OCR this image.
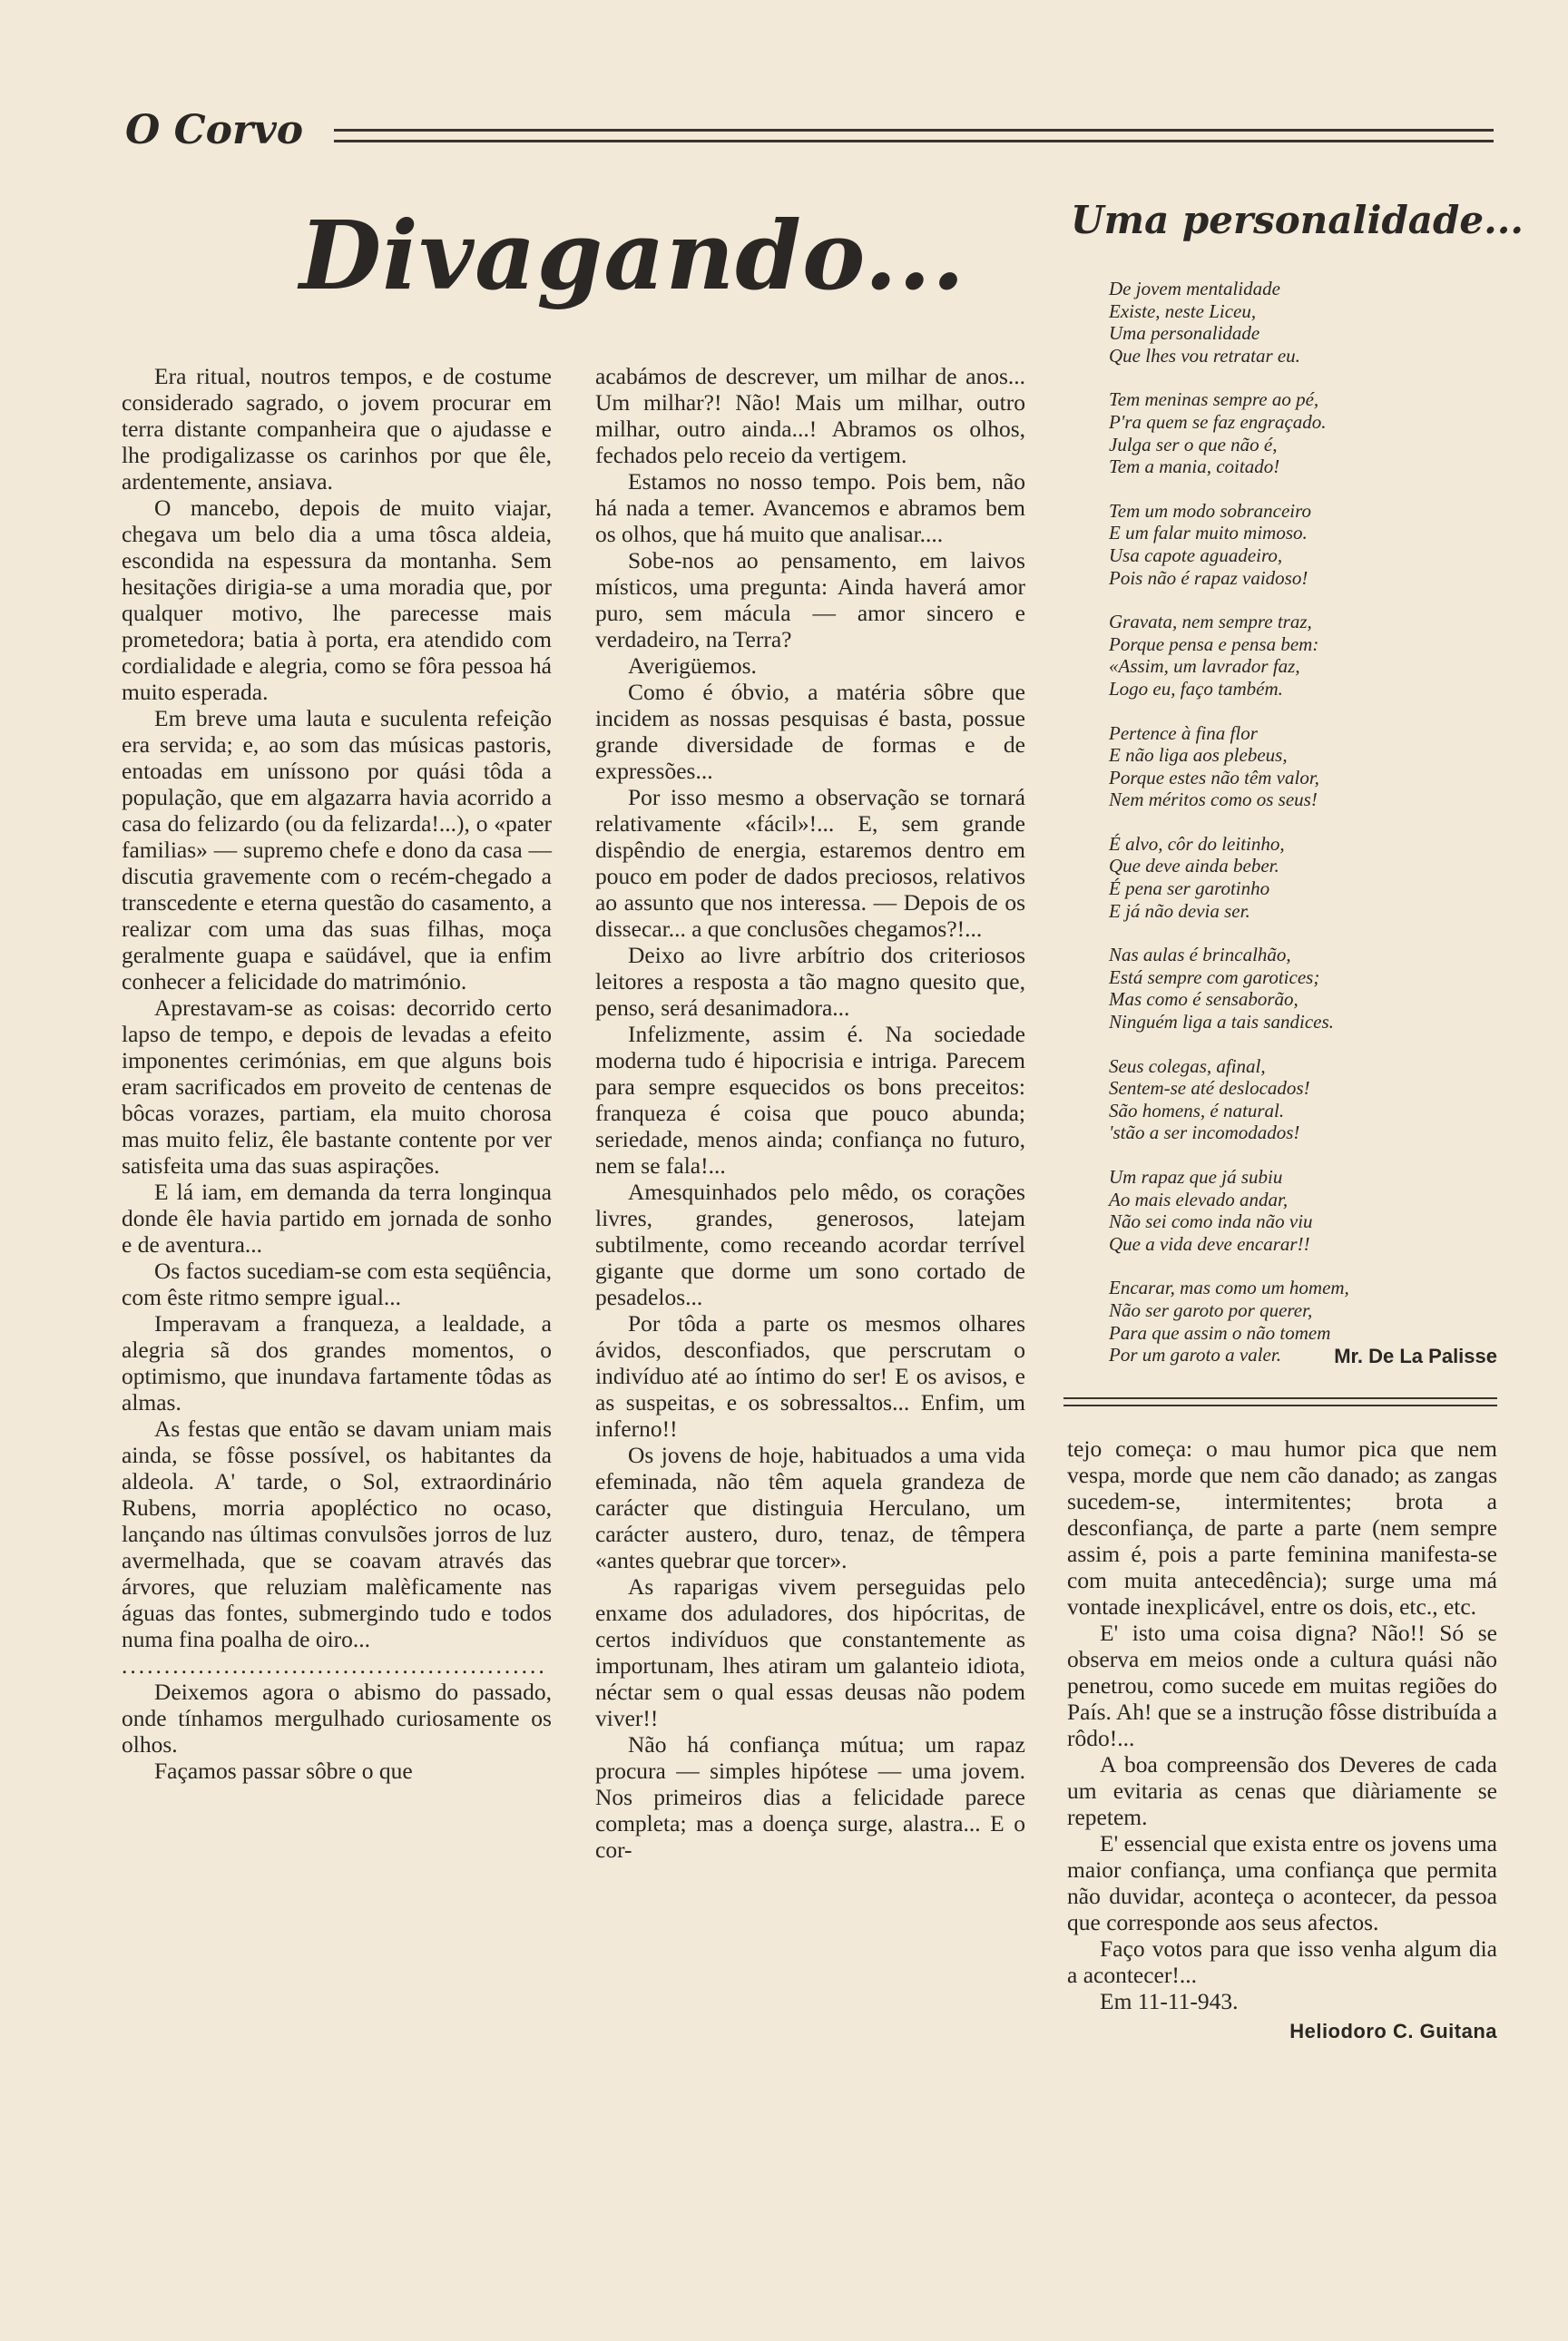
O Corvo
Divagando...	Uma personalidade...
De jovem mentalidade
Existe, neste Liceu,
Uma personalidade
Que lhes vou retratar eu.
Tem meninas sempre ao pé,
P'ra quem se faz engraçado.
Julga ser o que não é,
Tem a mania, coitado!
Tem um modo sobranceiro
E um falar muito mimoso.
Usa capote aguadeiro,
Pois não é rapaz vaidoso!
Gravata, nem sempre traz,
Porque pensa e pensa bem:
«Assim, um lavrador faz,
Logo eu, faço também.
Pertence à fina flor
E não liga aos plebeus,
Porque estes não têm valor,
Nem méritos como os seus!
É alvo, côr do leitinho,
Que deve ainda beber.
É pena ser garotinho
E já não devia ser.
Nas aulas é brincalhão,
Está sempre com garotices;
Mas como é sensaborão,
Ninguém liga a tais sandices.
Seus colegas, afinal,
Sentem-se até deslocados!
São homens, é natural.
'stão a ser incomodados!
Um rapaz que já subiu
Ao mais elevado andar,
Não sei como inda não viu
Que a vida deve encarar!!
Encarar, mas como um homem,
Não ser garoto por querer,
Para que assim o não tomem
Por um garoto a valer.	Mr. De La Palisse

Era ritual, noutros tempos, e de costume considerado sagrado, o jovem procurar em terra distante companheira que o ajudasse e lhe prodigalizasse os carinhos por que êle, ardentemente, ansiava.

O mancebo, depois de muito viajar, chegava um belo dia a uma tôsca aldeia, escondida na espessura da montanha. Sem hesitações dirigia-se a uma moradia que, por qualquer motivo, lhe parecesse mais prometedora; batia à porta, era atendido com cordialidade e alegria, como se fôra pessoa há muito esperada.

Em breve uma lauta e suculenta refeição era servida; e, ao som das músicas pastoris, entoadas em uníssono por quási tôda a população, que em algazarra havia acorrido a casa do felizardo (ou da felizarda!...), o «pater familias» — supremo chefe e dono da casa — discutia gravemente com o recém-chegado a transcedente e eterna questão do casamento, a realizar com uma das suas filhas, moça geralmente guapa e saüdável, que ia enfim conhecer a felicidade do matrimónio.

Aprestavam-se as coisas: decorrido certo lapso de tempo, e depois de levadas a efeito imponentes cerimónias, em que alguns bois eram sacrificados em proveito de centenas de bôcas vorazes, partiam, ela muito chorosa mas muito feliz, êle bastante contente por ver satisfeita uma das suas aspirações.

E lá iam, em demanda da terra longinqua donde êle havia partido em jornada de sonho e de aventura...

Os factos sucediam-se com esta seqüência, com êste ritmo sempre igual...

Imperavam a franqueza, a lealdade, a alegria sã dos grandes momentos, o optimismo, que inundava fartamente tôdas as almas.

As festas que então se davam uniam mais ainda, se fôsse possível, os habitantes da aldeola. A' tarde, o Sol, extraordinário Rubens, morria apopléctico no ocaso, lançando nas últimas convulsões jorros de luz avermelhada, que se coavam através das árvores, que reluziam malèficamente nas águas das fontes, submergindo tudo e todos numa fina poalha de oiro...

..................................................

Deixemos agora o abismo do passado, onde tínhamos mergulhado curiosamente os olhos.

Façamos passar sôbre o que

acabámos de descrever, um milhar de anos... Um milhar?! Não! Mais um milhar, outro milhar, outro ainda...! Abramos os olhos, fechados pelo receio da vertigem.

Estamos no nosso tempo. Pois bem, não há nada a temer. Avancemos e abramos bem os olhos, que há muito que analisar....

Sobe-nos ao pensamento, em laivos místicos, uma pregunta: Ainda haverá amor puro, sem mácula — amor sincero e verdadeiro, na Terra?

Averigüemos.

Como é óbvio, a matéria sôbre que incidem as nossas pesquisas é basta, possue grande diversidade de formas e de expressões...

Por isso mesmo a observação se tornará relativamente «fácil»!... E, sem grande dispêndio de energia, estaremos dentro em pouco em poder de dados preciosos, relativos ao assunto que nos interessa. — Depois de os dissecar... a que conclusões chegamos?!...

Deixo ao livre arbítrio dos criteriosos leitores a resposta a tão magno quesito que, penso, será desanimadora...

Infelizmente, assim é. Na sociedade moderna tudo é hipocrisia e intriga. Parecem para sempre esquecidos os bons preceitos: franqueza é coisa que pouco abunda; seriedade, menos ainda; confiança no futuro, nem se fala!...

Amesquinhados pelo mêdo, os corações livres, grandes, generosos, latejam subtilmente, como receando acordar terrível gigante que dorme um sono cortado de pesadelos...

Por tôda a parte os mesmos olhares ávidos, desconfiados, que perscrutam o indivíduo até ao íntimo do ser! E os avisos, e as suspeitas, e os sobressaltos... Enfim, um inferno!!

Os jovens de hoje, habituados a uma vida efeminada, não têm aquela grandeza de carácter que distinguia Herculano, um carácter austero, duro, tenaz, de têmpera «antes quebrar que torcer».

As raparigas vivem perseguidas pelo enxame dos aduladores, dos hipócritas, de certos indivíduos que constantemente as importunam, lhes atiram um galanteio idiota, néctar sem o qual essas deusas não podem viver!!

Não há confiança mútua; um rapaz procura — simples hipótese — uma jovem. Nos primeiros dias a felicidade parece completa; mas a doença surge, alastra... E o cor-

tejo começa: o mau humor pica que nem vespa, morde que nem cão danado; as zangas sucedem-se, intermitentes; brota a desconfiança, de parte a parte (nem sempre assim é, pois a parte feminina manifesta-se com muita antecedência); surge uma má vontade inexplicável, entre os dois, etc., etc.

E' isto uma coisa digna? Não!! Só se observa em meios onde a cultura quási não penetrou, como sucede em muitas regiões do País. Ah! que se a instrução fôsse distribuída a rôdo!...

A boa compreensão dos Deveres de cada um evitaria as cenas que diàriamente se repetem.

E' essencial que exista entre os jovens uma maior confiança, uma confiança que permita não duvidar, aconteça o acontecer, da pessoa que corresponde aos seus afectos.

Faço votos para que isso venha algum dia a acontecer!...

Em 11-11-943.

Heliodoro C. Guitana
